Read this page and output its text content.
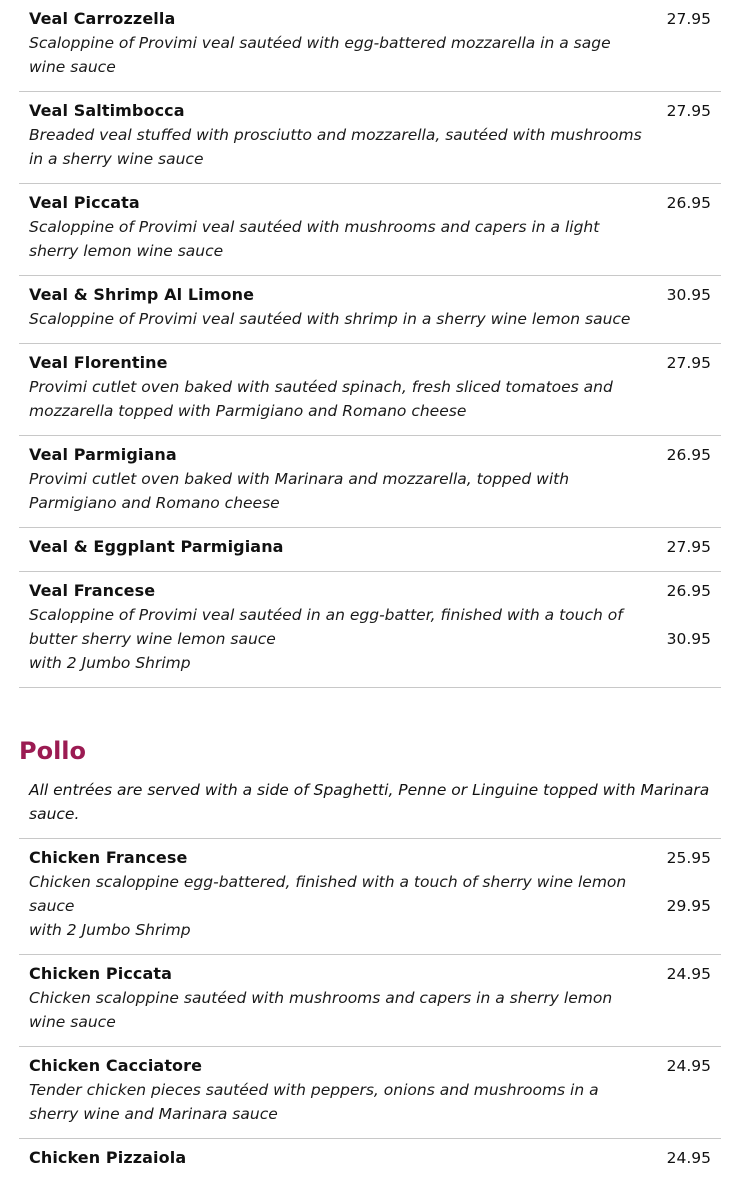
Veal Carrozzella
Scaloppine of Provimi veal sautéed with egg-battered mozzarella in a sage wine sauce
27.95
Veal Saltimbocca
Breaded veal stuffed with prosciutto and mozzarella, sautéed with mushrooms in a sherry wine sauce
27.95
Veal Piccata
Scaloppine of Provimi veal sautéed with mushrooms and capers in a light sherry lemon wine sauce
26.95
Veal & Shrimp Al Limone
Scaloppine of Provimi veal sautéed with shrimp in a sherry wine lemon sauce
30.95
Veal Florentine
Provimi cutlet oven baked with sautéed spinach, fresh sliced tomatoes and mozzarella topped with Parmigiano and Romano cheese
27.95
Veal Parmigiana
Provimi cutlet oven baked with Marinara and mozzarella, topped with Parmigiano and Romano cheese
26.95
Veal & Eggplant Parmigiana	27.95
Veal Francese
Scaloppine of Provimi veal sautéed in an egg-batter, finished with a touch of butter sherry wine lemon sauce
with 2 Jumbo Shrimp
26.95
30.95
Pollo
All entrées are served with a side of Spaghetti, Penne or Linguine topped with Marinara sauce.
Chicken Francese
Chicken scaloppine egg-battered, finished with a touch of sherry wine lemon sauce
with 2 Jumbo Shrimp
25.95
29.95
Chicken Piccata
Chicken scaloppine sautéed with mushrooms and capers in a sherry lemon wine sauce
24.95
Chicken Cacciatore
Tender chicken pieces sautéed with peppers, onions and mushrooms in a sherry wine and Marinara sauce
24.95
Chicken Pizzaiola	24.95
